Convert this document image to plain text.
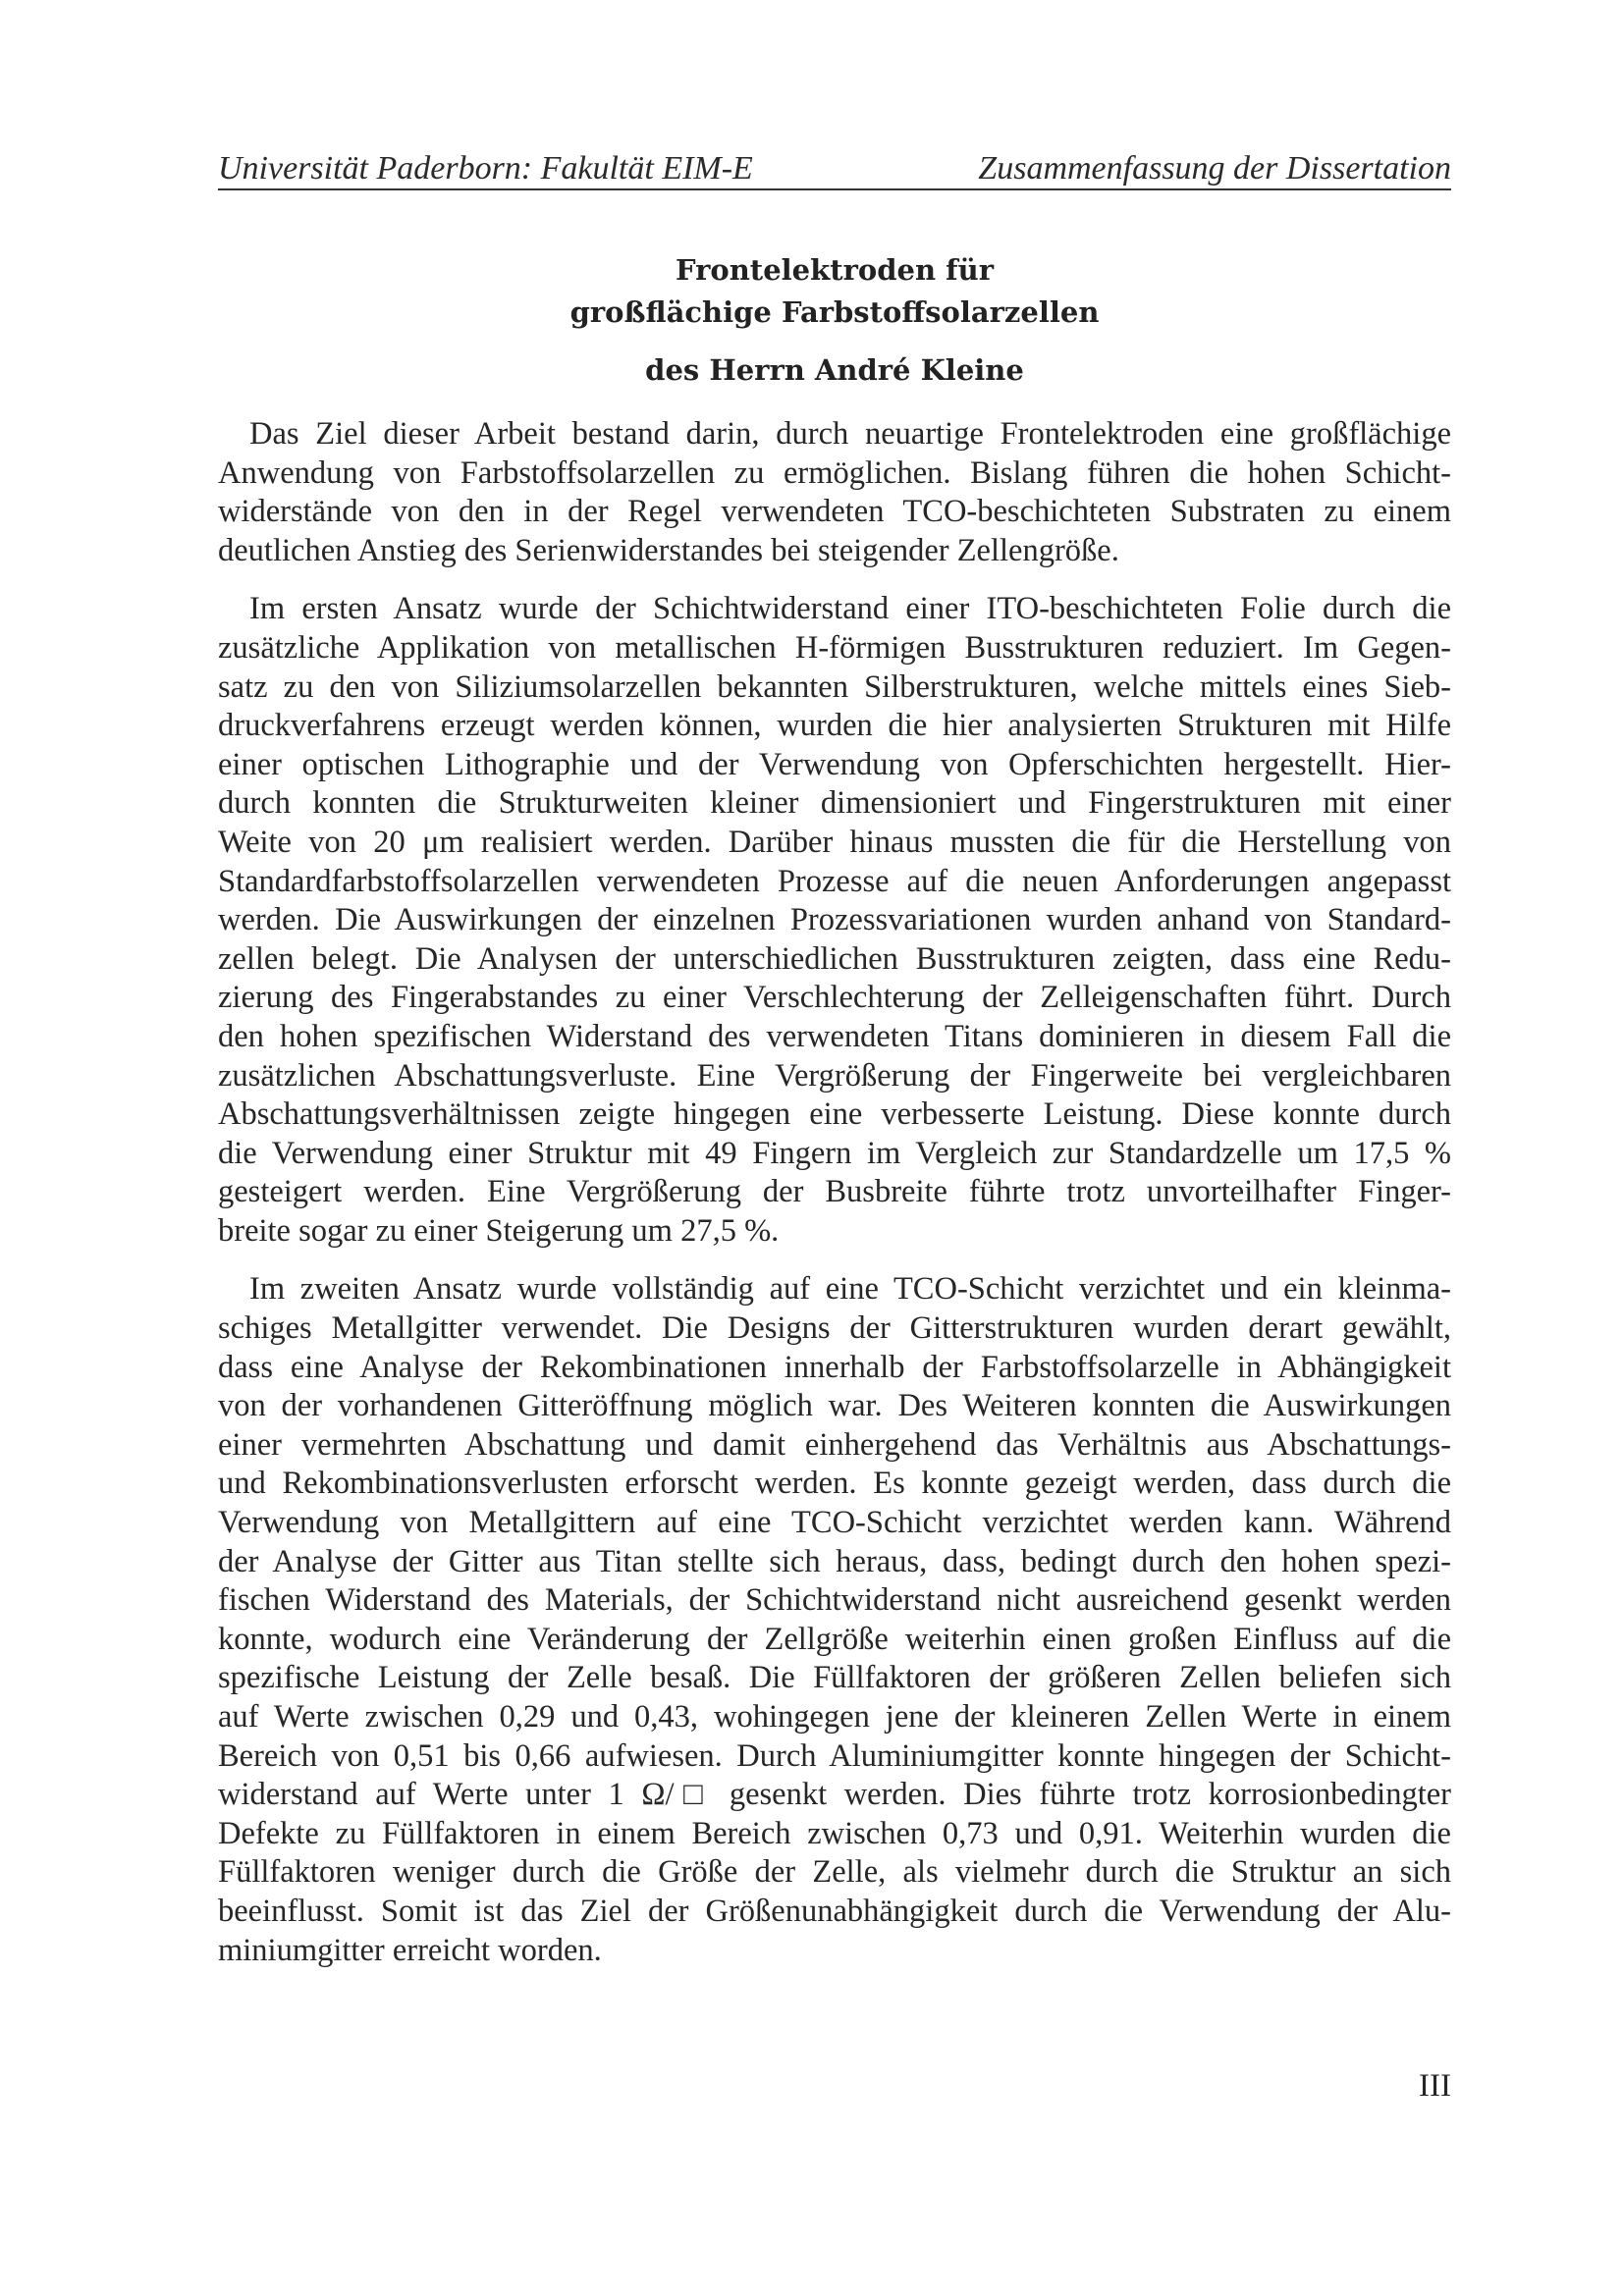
Universität Paderborn: Fakultät EIM-E	Zusammenfassung der Dissertation
Frontelektroden für
großflächige Farbstoffsolarzellen
des Herrn André Kleine
Das Ziel dieser Arbeit bestand darin, durch neuartige Frontelektroden eine großflächige
Anwendung von Farbstoffsolarzellen zu ermöglichen. Bislang führen die hohen Schicht-
widerstände von den in der Regel verwendeten TCO-beschichteten Substraten zu einem
deutlichen Anstieg des Serienwiderstandes bei steigender Zellengröße.
Im ersten Ansatz wurde der Schichtwiderstand einer ITO-beschichteten Folie durch die
zusätzliche Applikation von metallischen H-förmigen Busstrukturen reduziert. Im Gegen-
satz zu den von Siliziumsolarzellen bekannten Silberstrukturen, welche mittels eines Sieb-
druckverfahrens erzeugt werden können, wurden die hier analysierten Strukturen mit Hilfe
einer optischen Lithographie und der Verwendung von Opferschichten hergestellt. Hier-
durch konnten die Strukturweiten kleiner dimensioniert und Fingerstrukturen mit einer
Weite von 20 μm realisiert werden. Darüber hinaus mussten die für die Herstellung von
Standardfarbstoffsolarzellen verwendeten Prozesse auf die neuen Anforderungen angepasst
werden. Die Auswirkungen der einzelnen Prozessvariationen wurden anhand von Standard-
zellen belegt. Die Analysen der unterschiedlichen Busstrukturen zeigten, dass eine Redu-
zierung des Fingerabstandes zu einer Verschlechterung der Zelleigenschaften führt. Durch
den hohen spezifischen Widerstand des verwendeten Titans dominieren in diesem Fall die
zusätzlichen Abschattungsverluste. Eine Vergrößerung der Fingerweite bei vergleichbaren
Abschattungsverhältnissen zeigte hingegen eine verbesserte Leistung. Diese konnte durch
die Verwendung einer Struktur mit 49 Fingern im Vergleich zur Standardzelle um 17,5 %
gesteigert werden. Eine Vergrößerung der Busbreite führte trotz unvorteilhafter Finger-
breite sogar zu einer Steigerung um 27,5 %.
Im zweiten Ansatz wurde vollständig auf eine TCO-Schicht verzichtet und ein kleinma-
schiges Metallgitter verwendet. Die Designs der Gitterstrukturen wurden derart gewählt,
dass eine Analyse der Rekombinationen innerhalb der Farbstoffsolarzelle in Abhängigkeit
von der vorhandenen Gitteröffnung möglich war. Des Weiteren konnten die Auswirkungen
einer vermehrten Abschattung und damit einhergehend das Verhältnis aus Abschattungs-
und Rekombinationsverlusten erforscht werden. Es konnte gezeigt werden, dass durch die
Verwendung von Metallgittern auf eine TCO-Schicht verzichtet werden kann. Während
der Analyse der Gitter aus Titan stellte sich heraus, dass, bedingt durch den hohen spezi-
fischen Widerstand des Materials, der Schichtwiderstand nicht ausreichend gesenkt werden
konnte, wodurch eine Veränderung der Zellgröße weiterhin einen großen Einfluss auf die
spezifische Leistung der Zelle besaß. Die Füllfaktoren der größeren Zellen beliefen sich
auf Werte zwischen 0,29 und 0,43, wohingegen jene der kleineren Zellen Werte in einem
Bereich von 0,51 bis 0,66 aufwiesen. Durch Aluminiumgitter konnte hingegen der Schicht-
widerstand auf Werte unter 1 Ω/□ gesenkt werden. Dies führte trotz korrosionbedingter
Defekte zu Füllfaktoren in einem Bereich zwischen 0,73 und 0,91. Weiterhin wurden die
Füllfaktoren weniger durch die Größe der Zelle, als vielmehr durch die Struktur an sich
beeinflusst. Somit ist das Ziel der Größenunabhängigkeit durch die Verwendung der Alu-
miniumgitter erreicht worden.
III
